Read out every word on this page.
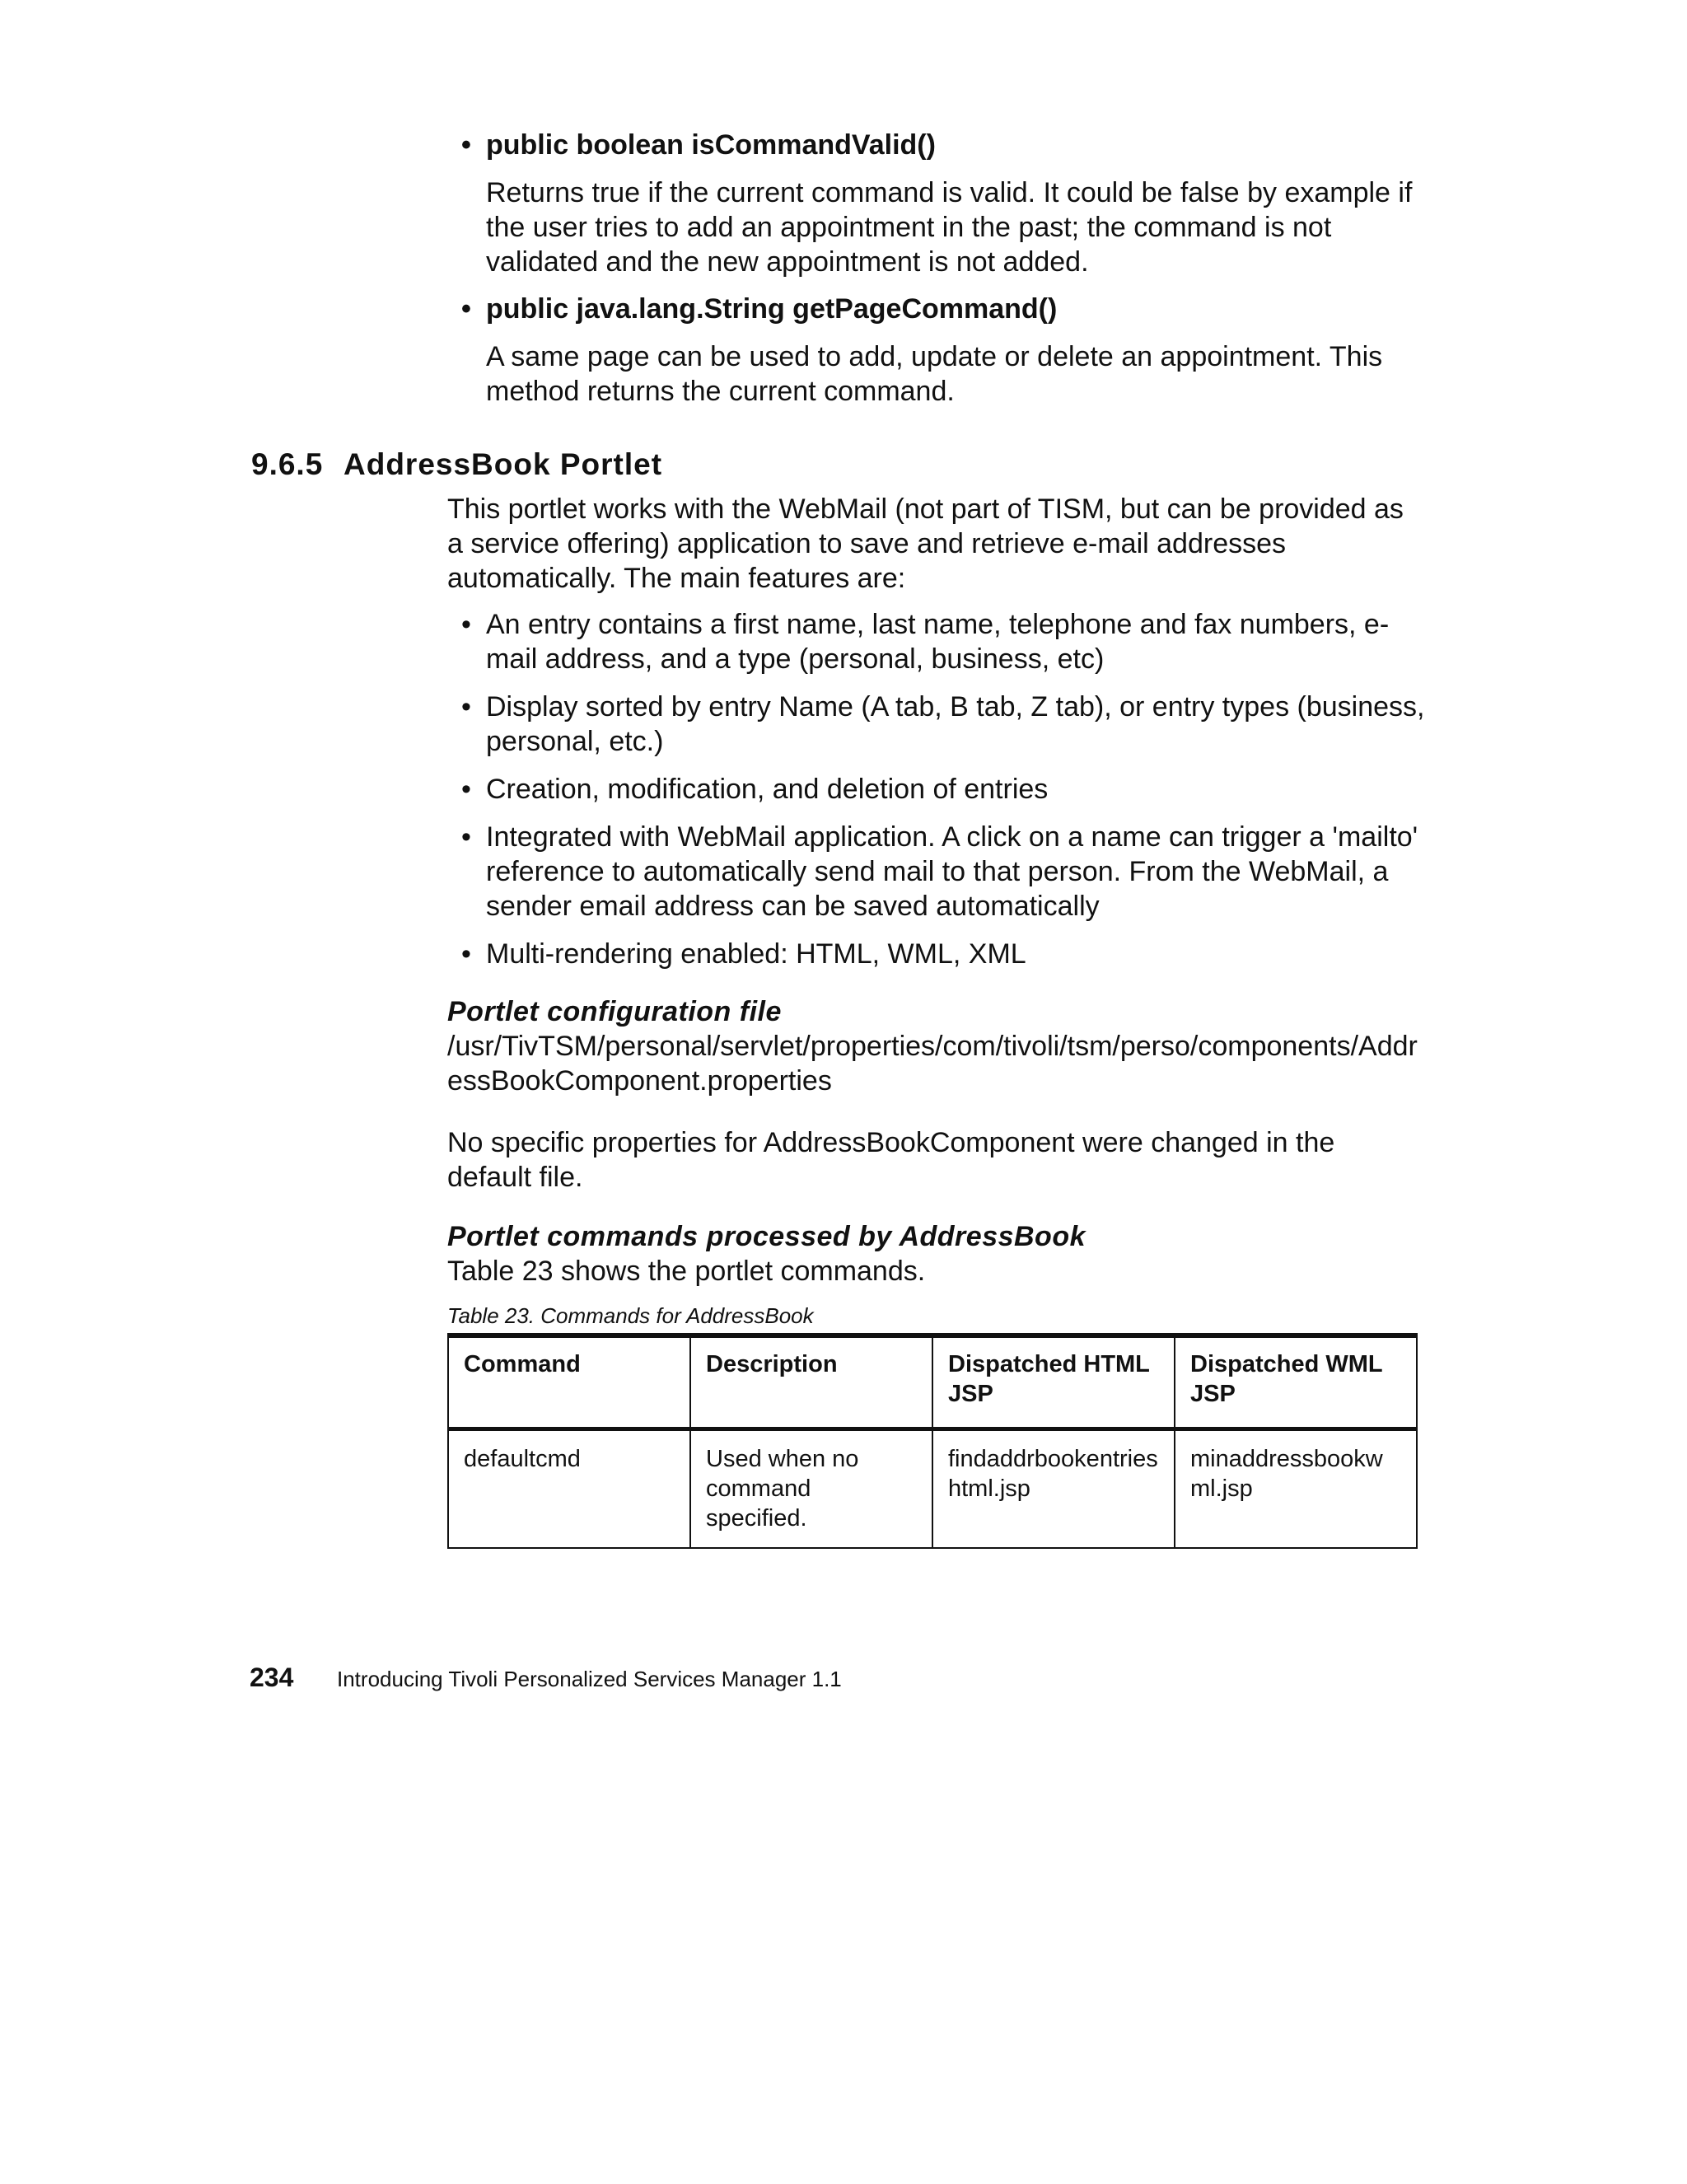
• public boolean isCommandValid()
Returns true if the current command is valid. It could be false by example if the user tries to add an appointment in the past; the command is not validated and the new appointment is not added.
• public java.lang.String getPageCommand()
A same page can be used to add, update or delete an appointment. This method returns the current command.
9.6.5 AddressBook Portlet
This portlet works with the WebMail (not part of TISM, but can be provided as a service offering) application to save and retrieve e-mail addresses automatically. The main features are:
• An entry contains a first name, last name, telephone and fax numbers, e-mail address, and a type (personal, business, etc)
• Display sorted by entry Name (A tab, B tab, Z tab), or entry types (business, personal, etc.)
• Creation, modification, and deletion of entries
• Integrated with WebMail application. A click on a name can trigger a 'mailto' reference to automatically send mail to that person. From the WebMail, a sender email address can be saved automatically
• Multi-rendering enabled: HTML, WML, XML
Portlet configuration file
/usr/TivTSM/personal/servlet/properties/com/tivoli/tsm/perso/components/AddressBookComponent.properties
No specific properties for AddressBookComponent were changed in the default file.
Portlet commands processed by AddressBook
Table 23 shows the portlet commands.
Table 23. Commands for AddressBook
Command	Description	Dispatched HTML JSP	Dispatched WML JSP
defaultcmd	Used when no command specified.	findaddrbookentrieshtml.jsp	minaddressbookwml.jsp
234 Introducing Tivoli Personalized Services Manager 1.1
